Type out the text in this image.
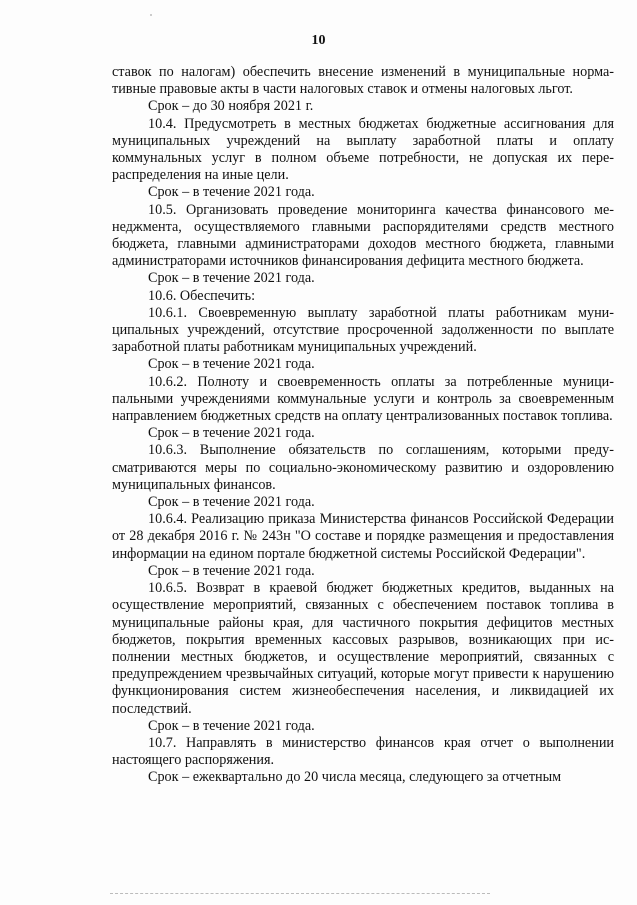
10

ставок по налогам) обеспечить внесение изменений в муниципальные нормативные правовые акты в части налоговых ставок и отмены налоговых льгот.

Срок – до 30 ноября 2021 г.

10.4. Предусмотреть в местных бюджетах бюджетные ассигнования для муниципальных учреждений на выплату заработной платы и оплату коммунальных услуг в полном объеме потребности, не допуская их перераспределения на иные цели.

Срок – в течение 2021 года.

10.5. Организовать проведение мониторинга качества финансового менеджмента, осуществляемого главными распорядителями средств местного бюджета, главными администраторами доходов местного бюджета, главными администраторами источников финансирования дефицита местного бюджета.

Срок – в течение 2021 года.

10.6. Обеспечить:

10.6.1. Своевременную выплату заработной платы работникам муниципальных учреждений, отсутствие просроченной задолженности по выплате заработной платы работникам муниципальных учреждений.

Срок – в течение 2021 года.

10.6.2. Полноту и своевременность оплаты за потребленные муниципальными учреждениями коммунальные услуги и контроль за своевременным направлением бюджетных средств на оплату централизованных поставок топлива.

Срок – в течение 2021 года.

10.6.3. Выполнение обязательств по соглашениям, которыми предусматриваются меры по социально-экономическому развитию и оздоровлению муниципальных финансов.

Срок – в течение 2021 года.

10.6.4. Реализацию приказа Министерства финансов Российской Федерации от 28 декабря 2016 г. № 243н "О составе и порядке размещения и предоставления информации на едином портале бюджетной системы Российской Федерации".

Срок – в течение 2021 года.

10.6.5. Возврат в краевой бюджет бюджетных кредитов, выданных на осуществление мероприятий, связанных с обеспечением поставок топлива в муниципальные районы края, для частичного покрытия дефицитов местных бюджетов, покрытия временных кассовых разрывов, возникающих при исполнении местных бюджетов, и осуществление мероприятий, связанных с предупреждением чрезвычайных ситуаций, которые могут привести к нарушению функционирования систем жизнеобеспечения населения, и ликвидацией их последствий.

Срок – в течение 2021 года.

10.7. Направлять в министерство финансов края отчет о выполнении настоящего распоряжения.

Срок – ежеквартально до 20 числа месяца, следующего за отчетным
